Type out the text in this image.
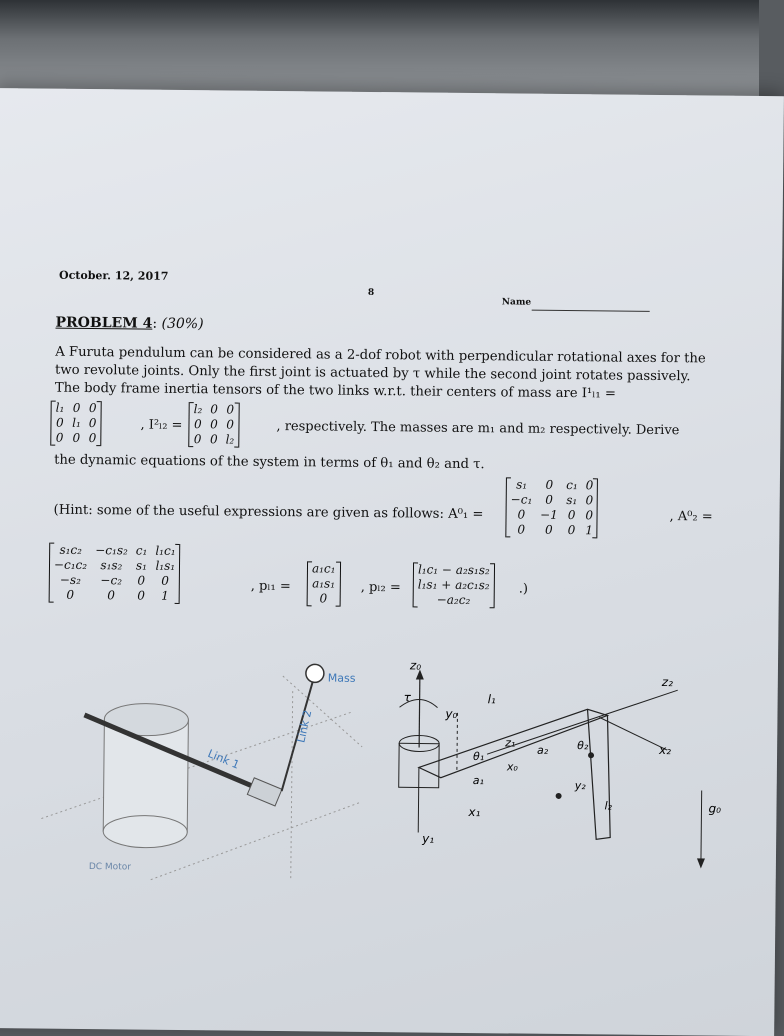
October. 12, 2017
8
Name
PROBLEM 4: (30%)
A Furuta pendulum can be considered as a 2-dof robot with perpendicular rotational axes for the
two revolute joints. Only the first joint is actuated by τ while the second joint rotates passively.
The body frame inertia tensors of the two links w.r.t. their centers of mass are I¹ₗ₁ =
l₁ 0 0
0 l₁ 0
0 0 0
, I²ₗ₂ =
l₂ 0 0
0 0 0
0 0 l₂
, respectively. The masses are m₁ and m₂ respectively. Derive
the dynamic equations of the system in terms of θ₁ and θ₂ and τ.
(Hint: some of the useful expressions are given as follows: A⁰₁ =
s₁	0	c₁ 0
−c₁	0	s₁ 0
0	−1 0 0
0	0	0 1
, A⁰₂ =
s₁c₂	−c₁s₂ c₁ l₁c₁
−c₁c₂	s₁s₂	s₁ l₁s₁
−s₂	−c₂	0	0
0	0	0	1
, pₗ₁ =
a₁c₁
a₁s₁
0
, pₗ₂ =
l₁c₁ − a₂s₁s₂
l₁s₁ + a₂c₁s₂
−a₂c₂
.)
Mass
Link 1
Link 2
DC Motor
z₀
τ
y₁
y₀
l₁
z₁
x₀
θ₁
a₁
x₁
a₂	θ₂
y₂
l₂
z₂
x₂
g₀
